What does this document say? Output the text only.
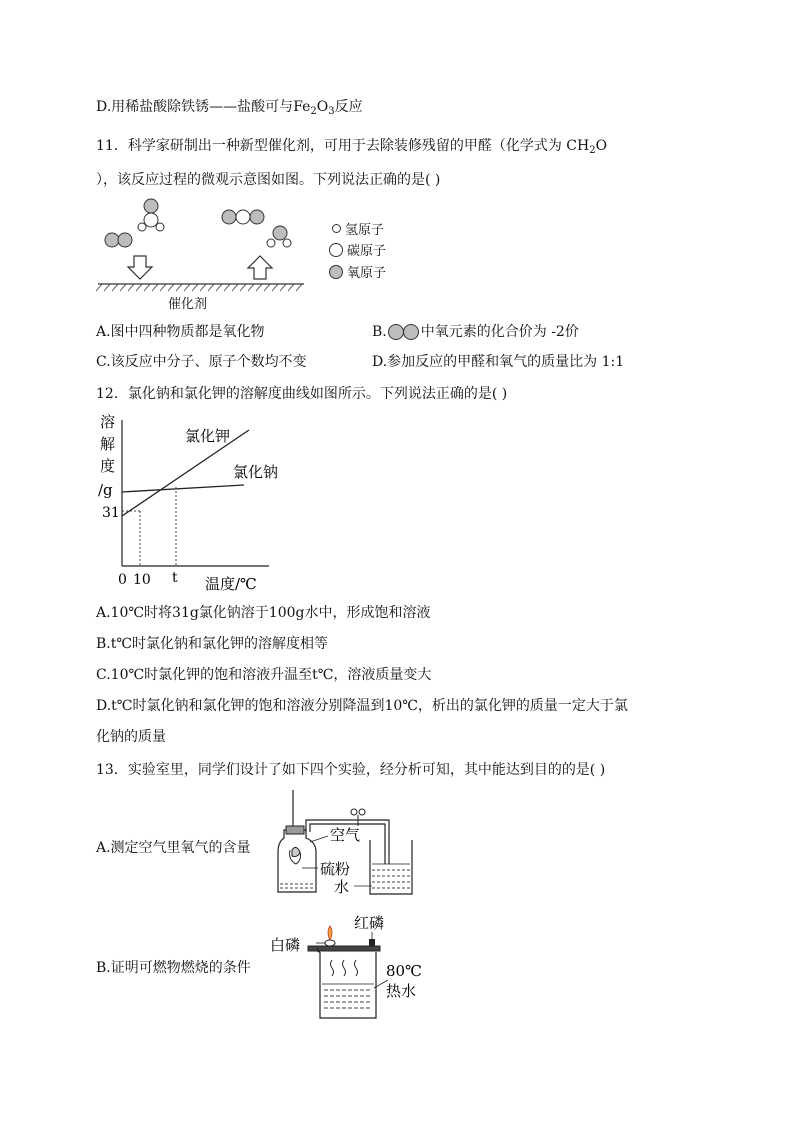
D.用稀盐酸除铁锈——盐酸可与$Fe_2O_3$反应
11．科学家研制出一种新型催化剂，可用于去除装修残留的甲醛（化学式为 $CH_2O$
），该反应过程的微观示意图如图。下列说法正确的是( )
催化剂
氢原子
碳原子
氧原子
A.图中四种物质都是氧化物	B. 中氧元素的化合价为 -2价
C.该反应中分子、原子个数均不变	D.参加反应的甲醛和氧气的质量比为 1:1
12．氯化钠和氯化钾的溶解度曲线如图所示。下列说法正确的是( )
溶
解
度
/g
31
0 10 t 温度/℃
氯化钾
氯化钠
A.10℃时将31g氯化钠溶于100g水中，形成饱和溶液
B.t℃时氯化钠和氯化钾的溶解度相等
C.10℃时氯化钾的饱和溶液升温至t℃，溶液质量变大
D.t℃时氯化钠和氯化钾的饱和溶液分别降温到10℃，析出的氯化钾的质量一定大于氯
化钠的质量
13．实验室里，同学们设计了如下四个实验，经分析可知，其中能达到目的的是( )
A.测定空气里氧气的含量
空气
硫粉
水
B.证明可燃物燃烧的条件
白磷
红磷
80℃
热水
